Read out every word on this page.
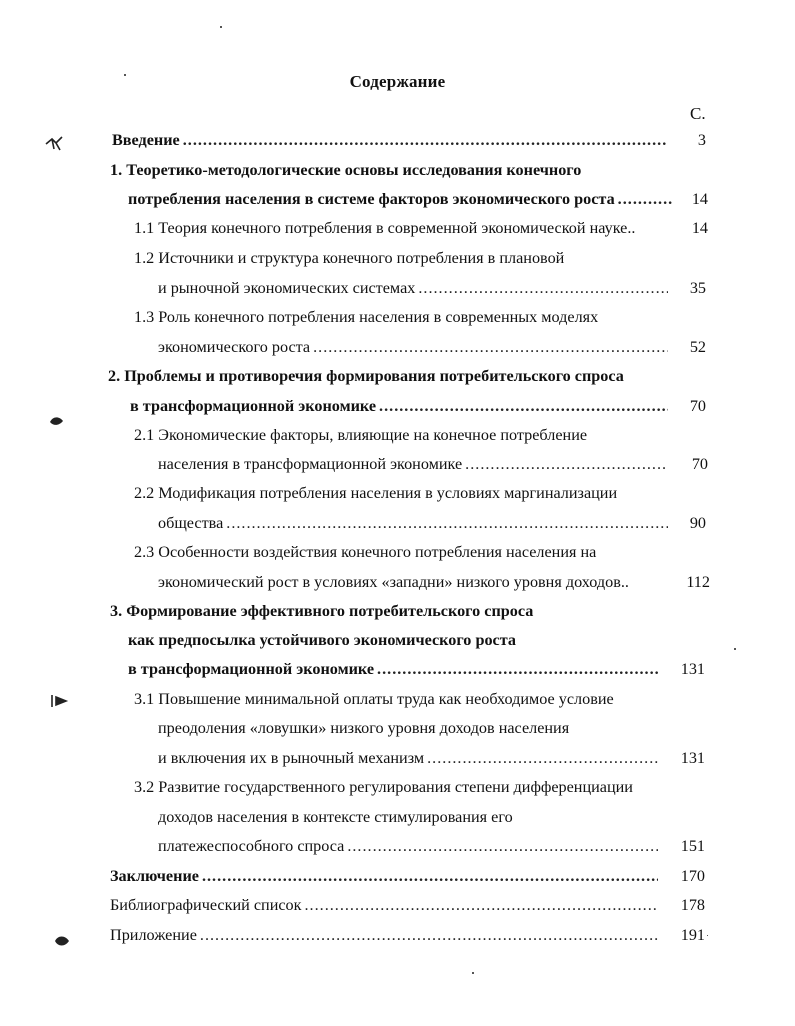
Содержание
С.
Введение .....	3
1. Теоретико-методологические основы исследования конечного
потребления населения в системе факторов экономического роста .....	14
1.1 Теория конечного потребления в современной экономической науке..	14
1.2 Источники и структура конечного потребления в плановой
и рыночной экономических системах .....	35
1.3 Роль конечного потребления населения в современных моделях
экономического роста .....	52
2. Проблемы и противоречия формирования потребительского спроса
в трансформационной экономике .....	70
2.1 Экономические факторы, влияющие на конечное потребление
населения в трансформационной экономике .....	70
2.2 Модификация потребления населения в условиях маргинализации
общества .....	90
2.3 Особенности воздействия конечного потребления населения на
экономический рост в условиях «западни» низкого уровня доходов..	112
3. Формирование эффективного потребительского спроса
как предпосылка устойчивого экономического роста
в трансформационной экономике .....	131
3.1 Повышение минимальной оплаты труда как необходимое условие
преодоления «ловушки» низкого уровня доходов населения
и включения их в рыночный механизм .....	131
3.2 Развитие государственного регулирования степени дифференциации
доходов населения в контексте стимулирования его
платежеспособного спроса .....	151
Заключение .....	170
Библиографический список .....	178
Приложение .....	191
